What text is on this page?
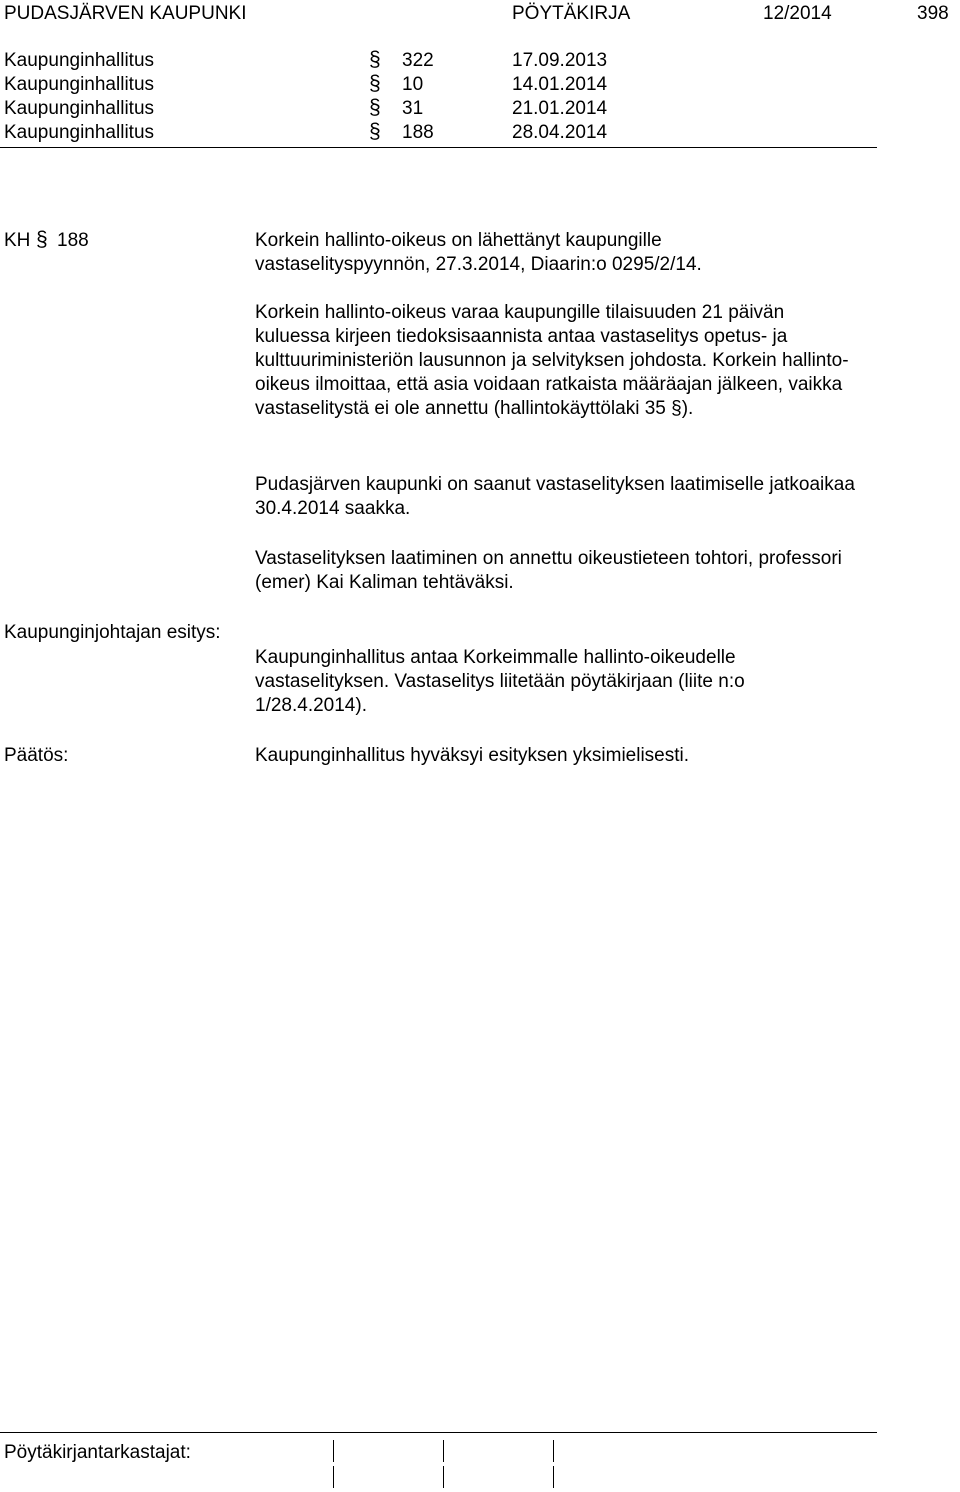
PUDASJÄRVEN KAUPUNKI	PÖYTÄKIRJA	12/2014	398
Kaupunginhallitus	§ 322	17.09.2013
Kaupunginhallitus	§ 10	14.01.2014
Kaupunginhallitus	§ 31	21.01.2014
Kaupunginhallitus	§ 188	28.04.2014
KH § 188	Korkein hallinto-oikeus on lähettänyt kaupungille vastaselityspyynnön, 27.3.2014, Diaarin:o 0295/2/14.
Korkein hallinto-oikeus varaa kaupungille tilaisuuden 21 päivän kuluessa kirjeen tiedoksisaannista antaa vastaselitys opetus- ja kulttuuriministeriön lausunnon ja selvityksen johdosta. Korkein hallinto-oikeus ilmoittaa, että asia voidaan ratkaista määräajan jälkeen, vaikka vastaselitystä ei ole annettu (hallintokäyttölaki 35 §).
Pudasjärven kaupunki on saanut vastaselityksen laatimiselle jatkoaikaa 30.4.2014 saakka.
Vastaselityksen laatiminen on annettu oikeustieteen tohtori, professori (emer) Kai Kaliman tehtäväksi.
Kaupunginjohtajan esitys:
Kaupunginhallitus antaa Korkeimmalle hallinto-oikeudelle vastaselityksen. Vastaselitys liitetään pöytäkirjaan (liite n:o 1/28.4.2014).
Päätös:	Kaupunginhallitus hyväksyi esityksen yksimielisesti.
Pöytäkirjantarkastajat:
